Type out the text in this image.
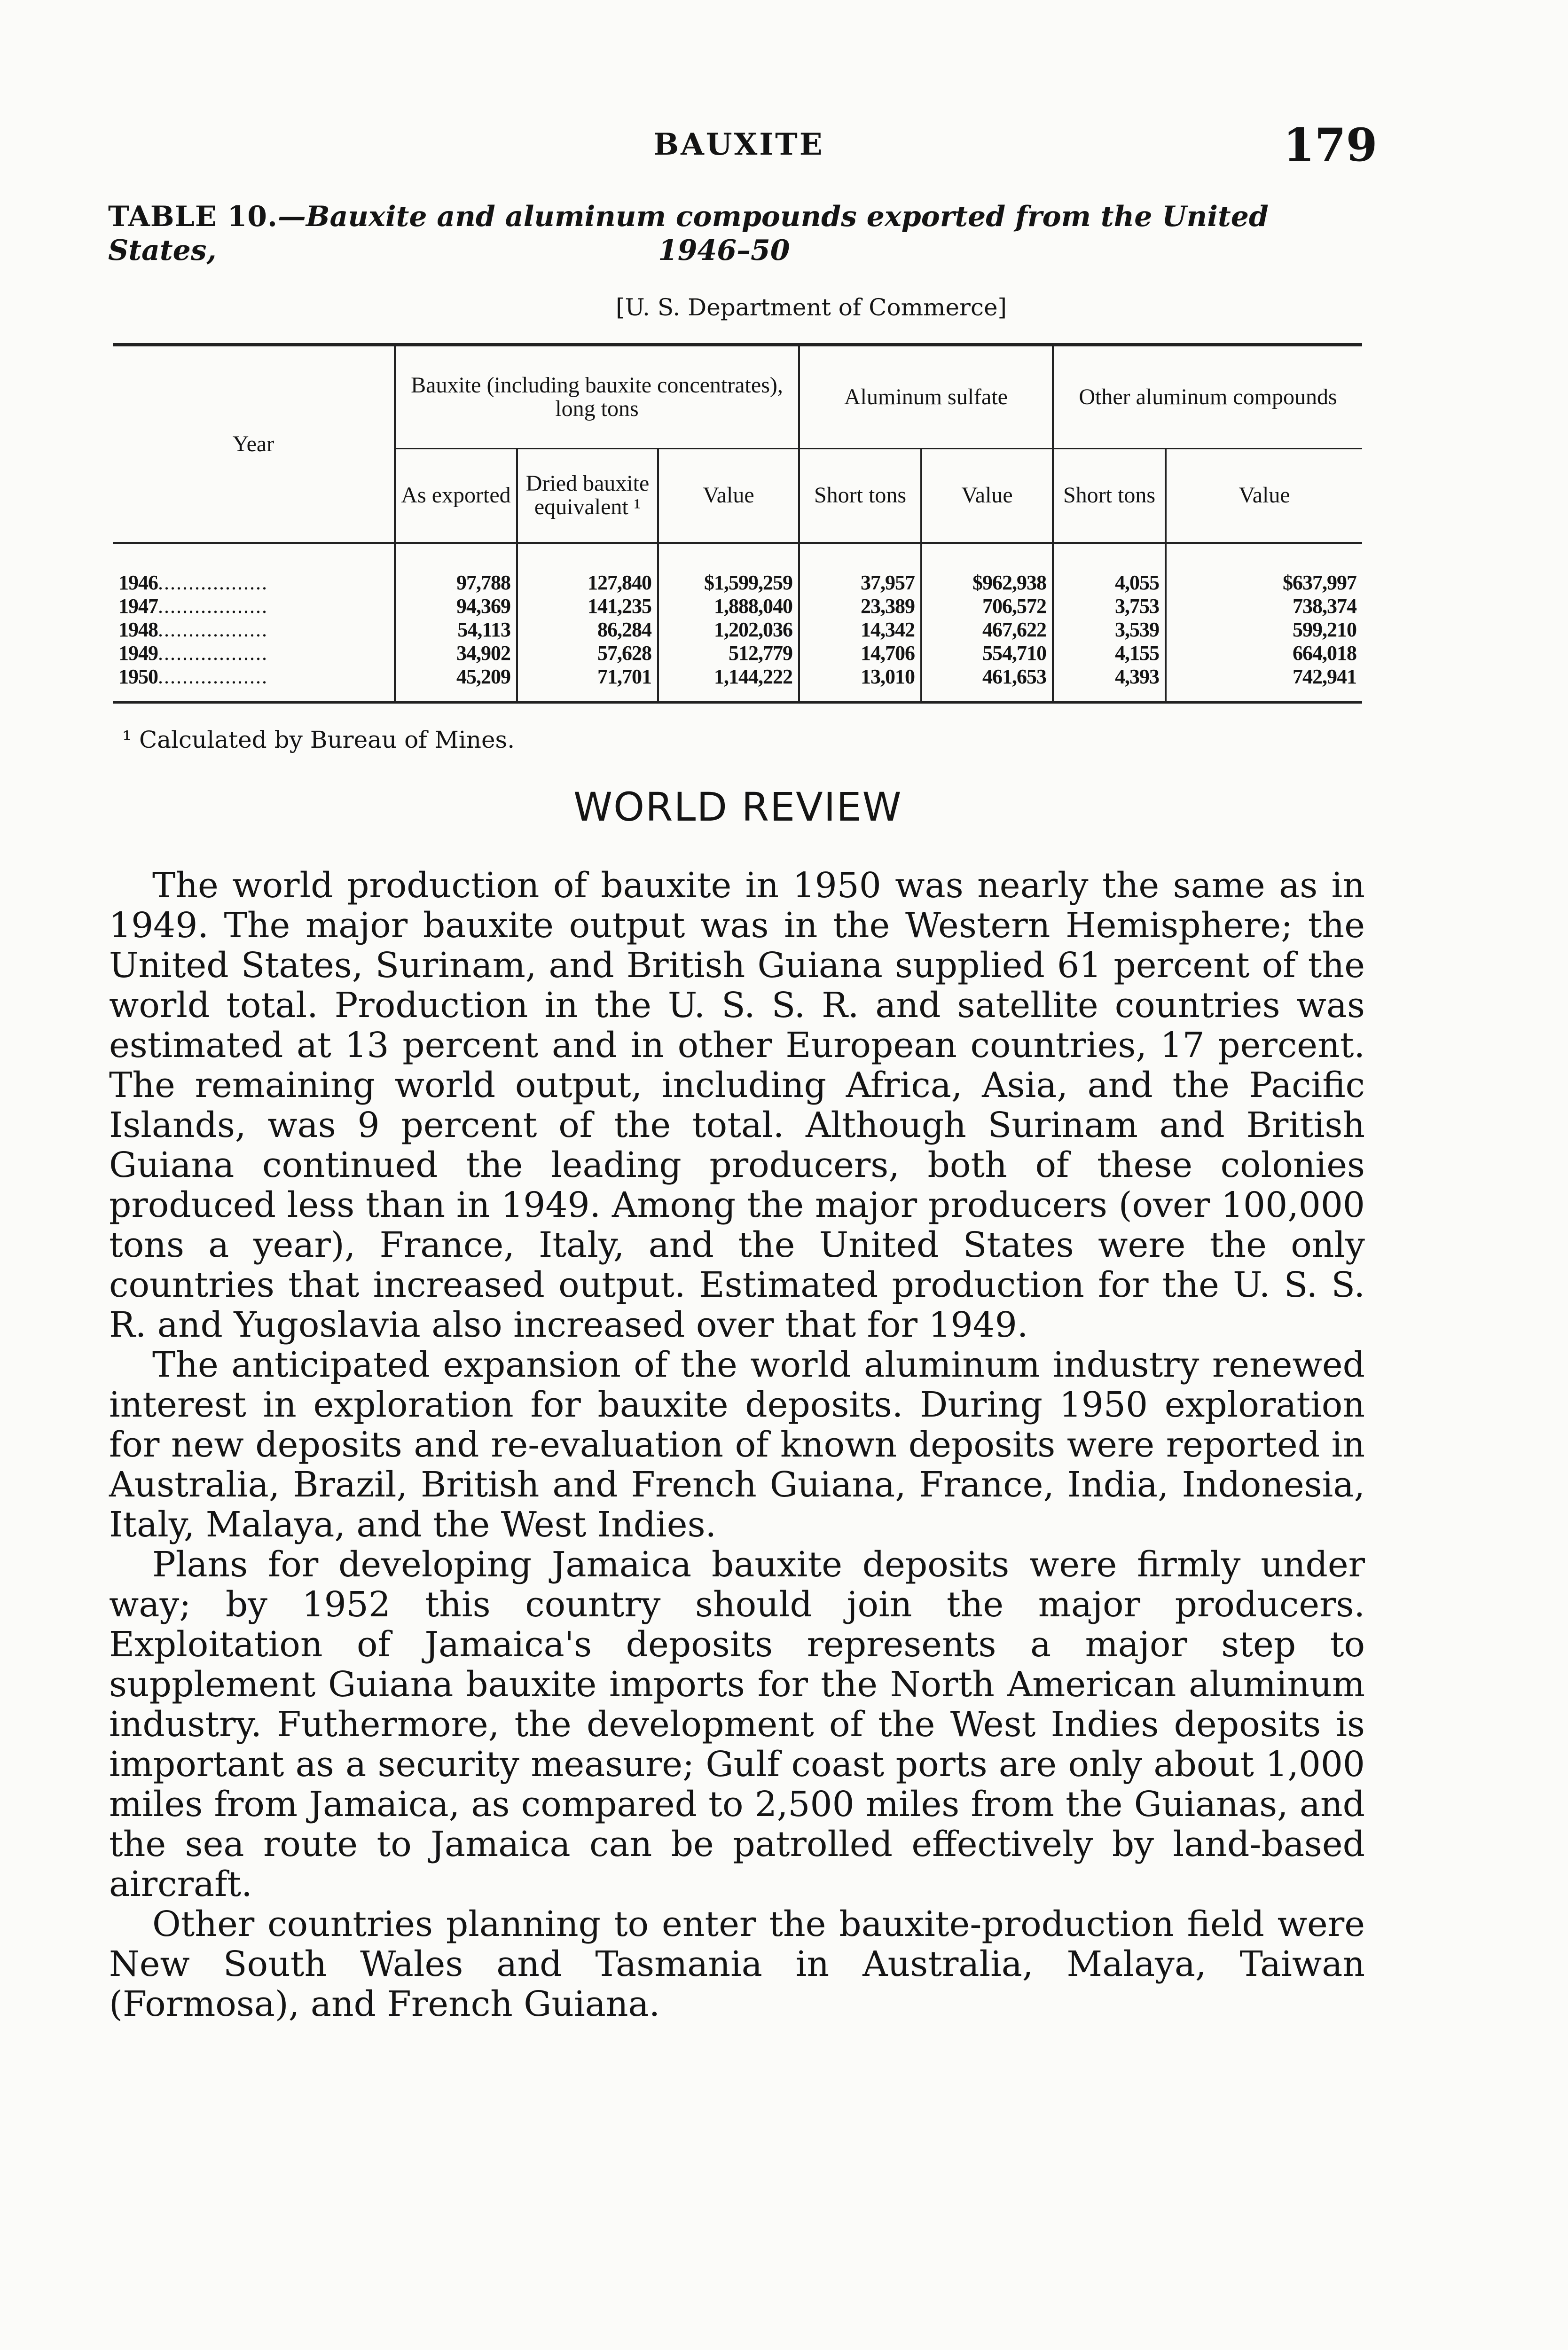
BAUXITE	179
TABLE 10.—Bauxite and aluminum compounds exported from the United States,	1946–50
[U. S. Department of Commerce]
Year	Bauxite (including bauxite concentrates), long tons			Aluminum sulfate		Other aluminum compounds	
	As exported	Dried bauxite equivalent ¹	Value	Short tons	Value	Short tons	Value
1946..................	97,788	127,840	$1,599,259	37,957	$962,938	4,055	$637,997
1947..................	94,369	141,235	1,888,040	23,389	706,572	3,753	738,374
1948..................	54,113	86,284	1,202,036	14,342	467,622	3,539	599,210
1949..................	34,902	57,628	512,779	14,706	554,710	4,155	664,018
1950..................	45,209	71,701	1,144,222	13,010	461,653	4,393	742,941
¹ Calculated by Bureau of Mines.
WORLD REVIEW

The world production of bauxite in 1950 was nearly the same as in 1949. The major bauxite output was in the Western Hemisphere; the United States, Surinam, and British Guiana supplied 61 percent of the world total. Production in the U. S. S. R. and satellite countries was estimated at 13 percent and in other European countries, 17 percent. The remaining world output, including Africa, Asia, and the Pacific Islands, was 9 percent of the total. Although Surinam and British Guiana continued the leading producers, both of these colonies produced less than in 1949. Among the major producers (over 100,000 tons a year), France, Italy, and the United States were the only countries that increased output. Estimated production for the U. S. S. R. and Yugoslavia also increased over that for 1949.

The anticipated expansion of the world aluminum industry renewed interest in exploration for bauxite deposits. During 1950 exploration for new deposits and re-evaluation of known deposits were reported in Australia, Brazil, British and French Guiana, France, India, Indonesia, Italy, Malaya, and the West Indies.

Plans for developing Jamaica bauxite deposits were firmly under way; by 1952 this country should join the major producers. Exploitation of Jamaica's deposits represents a major step to supplement Guiana bauxite imports for the North American aluminum industry. Futhermore, the development of the West Indies deposits is important as a security measure; Gulf coast ports are only about 1,000 miles from Jamaica, as compared to 2,500 miles from the Guianas, and the sea route to Jamaica can be patrolled effectively by land-based aircraft.

Other countries planning to enter the bauxite-production field were New South Wales and Tasmania in Australia, Malaya, Taiwan (Formosa), and French Guiana.
